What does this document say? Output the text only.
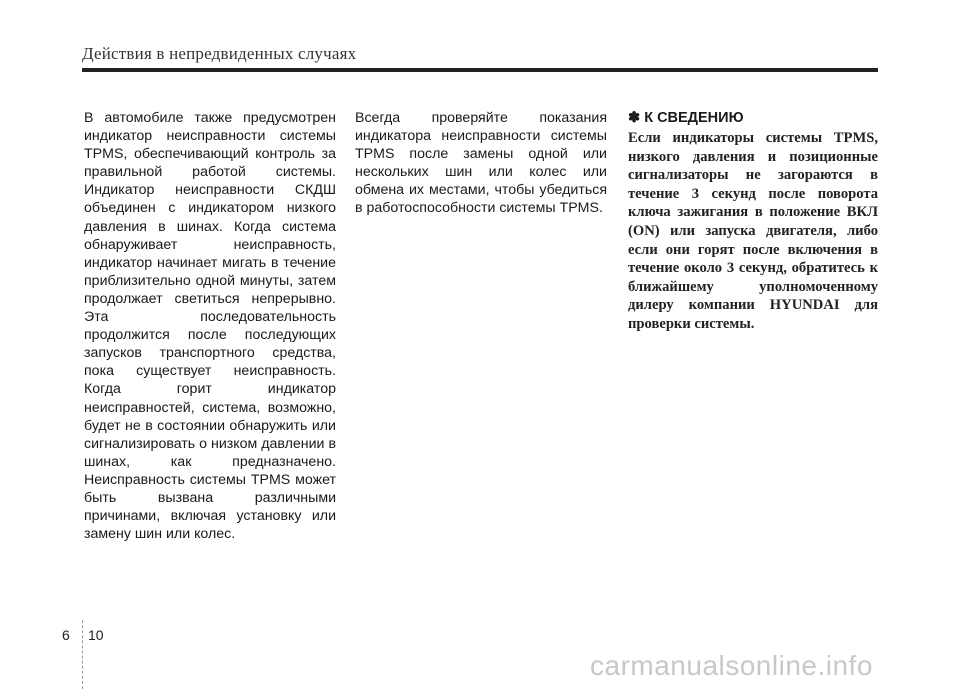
Действия в непредвиденных случаях
В автомобиле также предусмотрен индикатор неисправности системы TPMS, обеспечивающий контроль за правильной работой системы. Индикатор неисправности СКДШ объединен с индикатором низкого давления в шинах. Когда система обнаруживает неисправность, индикатор начинает мигать в течение приблизительно одной минуты, затем продолжает светиться непрерывно. Эта последовательность продолжится после последующих запусков транспортного средства, пока существует неисправность. Когда горит индикатор неисправностей, система, возможно, будет не в состоянии обнаружить или сигнализировать о низком давлении в шинах, как предназначено. Неисправность системы TPMS может быть вызвана различными причинами, включая установку или замену шин или колес.
Всегда проверяйте показания индикатора неисправности системы TPMS после замены одной или нескольких шин или колес или обмена их местами, чтобы убедиться в работоспособности системы TPMS.
✽ К СВЕДЕНИЮ
Если индикаторы системы TPMS, низкого давления и позиционные сигнализаторы не загораются в течение 3 секунд после поворота ключа зажигания в положение ВКЛ (ON) или запуска двигателя, либо если они горят после включения в течение около 3 секунд, обратитесь к ближайшему уполномоченному дилеру компании HYUNDAI для проверки системы.
6 10
carmanualsonline.info
